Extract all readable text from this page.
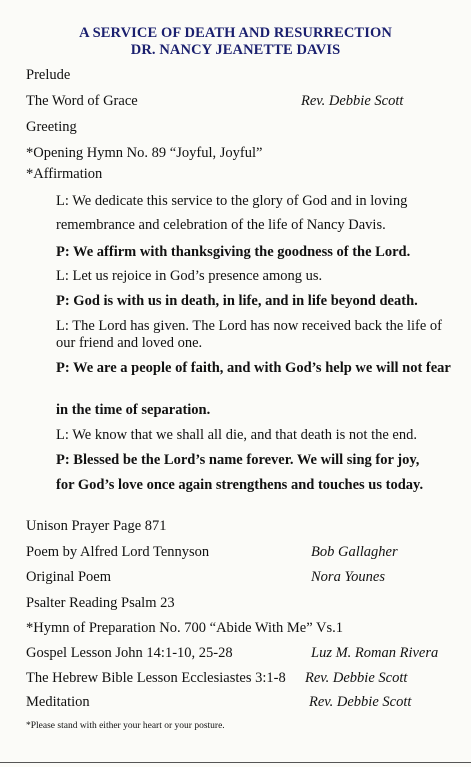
A SERVICE OF DEATH AND RESURRECTION
DR. NANCY JEANETTE DAVIS
Prelude
The Word of Grace	Rev. Debbie Scott
Greeting
*Opening Hymn No. 89 “Joyful, Joyful”
*Affirmation
L: We dedicate this service to the glory of God and in loving
remembrance and celebration of the life of Nancy Davis.
P: We affirm with thanksgiving the goodness of the Lord.
L: Let us rejoice in God’s presence among us.
P: God is with us in death, in life, and in life beyond death.
L: The Lord has given. The Lord has now received back the life of our friend and loved one.
P: We are a people of faith, and with God’s help we will not fear
in the time of separation.
L: We know that we shall all die, and that death is not the end.
P: Blessed be the Lord’s name forever. We will sing for joy,
for God’s love once again strengthens and touches us today.
Unison Prayer Page 871
Poem by Alfred Lord Tennyson	Bob Gallagher
Original Poem	Nora Younes
Psalter Reading Psalm 23
*Hymn of Preparation No. 700 “Abide With Me” Vs.1
Gospel Lesson John 14:1-10, 25-28	Luz M. Roman Rivera
The Hebrew Bible Lesson Ecclesiastes 3:1-8 Rev. Debbie Scott
Meditation	Rev. Debbie Scott
*Please stand with either your heart or your posture.
